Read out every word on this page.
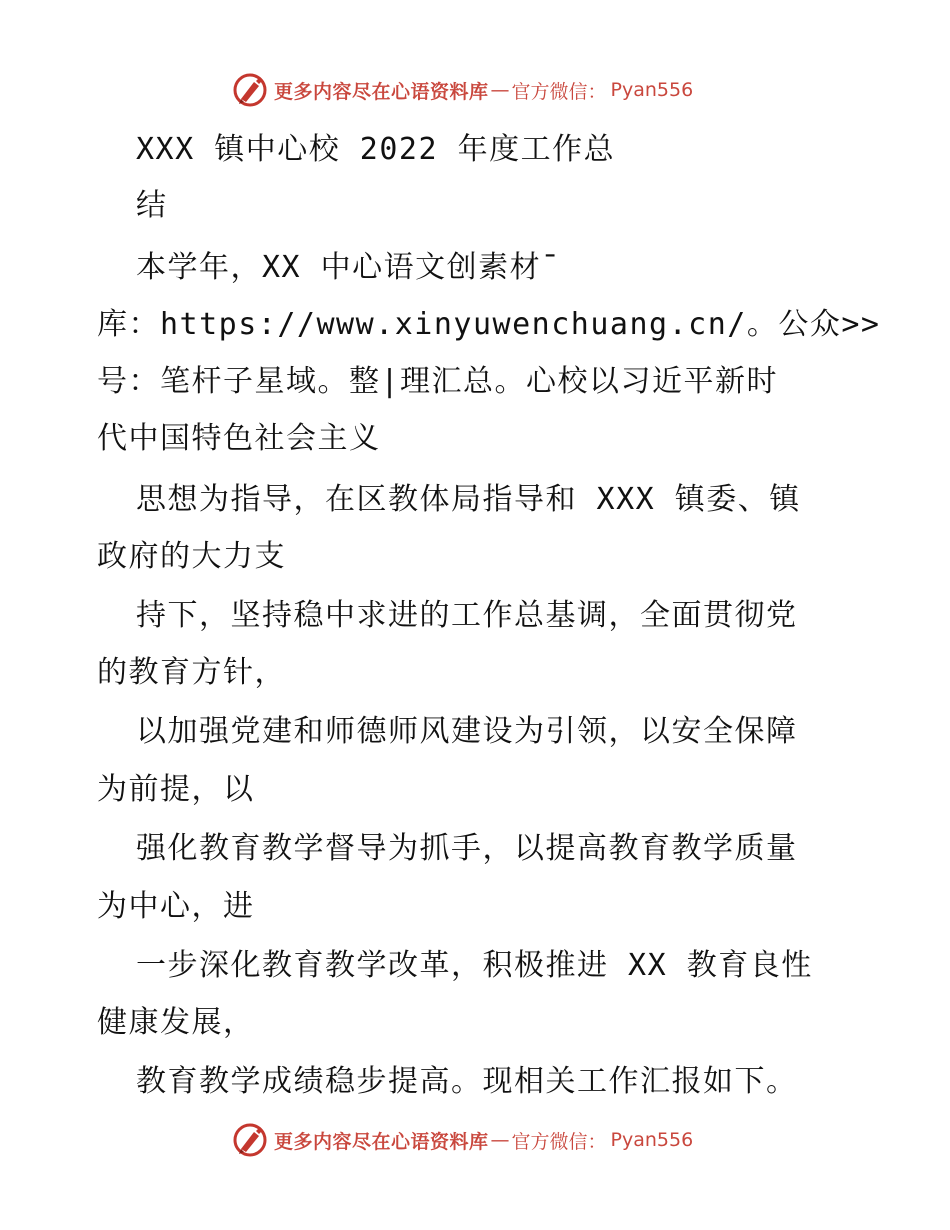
更多内容尽在心语资料库 — 官方微信： Pyan556
XXX 镇中心校 2022 年度工作总
结
本学年，XX 中心语文创素材¯
库：https://www.xinyuwenchuang.cn/。公众>>
号：笔杆子星域。整|理汇总。心校以习近平新时
代中国特色社会主义
思想为指导，在区教体局指导和 XXX 镇委、镇
政府的大力支
持下，坚持稳中求进的工作总基调，全面贯彻党
的教育方针，
以加强党建和师德师风建设为引领，以安全保障
为前提，以
强化教育教学督导为抓手，以提高教育教学质量
为中心，进
一步深化教育教学改革，积极推进 XX 教育良性
健康发展，
教育教学成绩稳步提高。现相关工作汇报如下。
更多内容尽在心语资料库 — 官方微信： Pyan556
